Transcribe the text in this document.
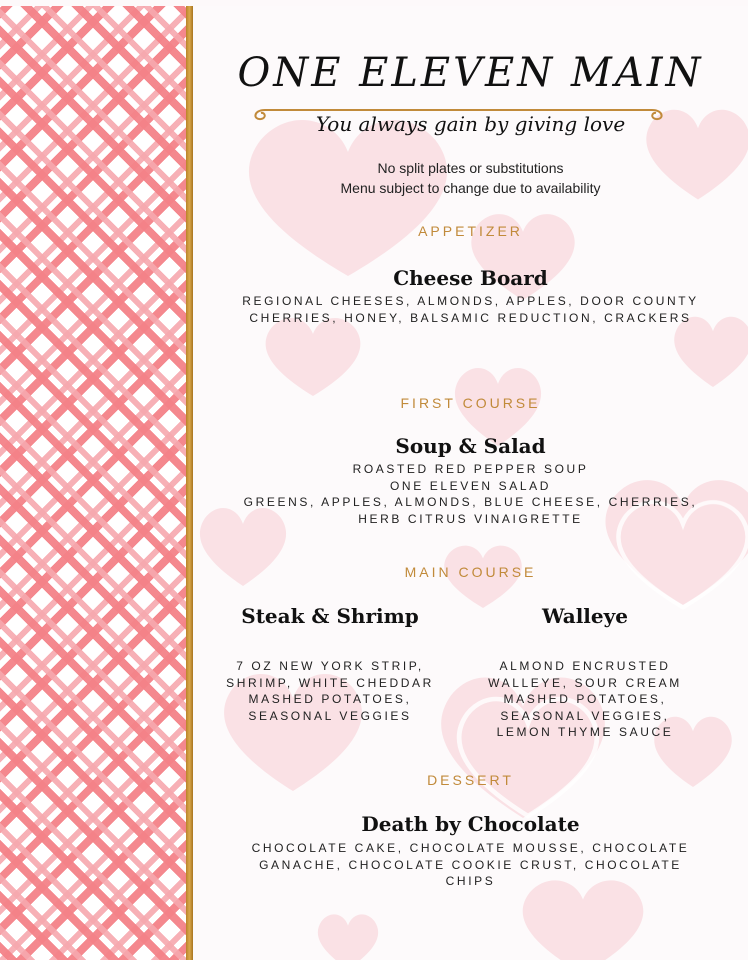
ONE ELEVEN MAIN
You always gain by giving love
No split plates or substitutions
Menu subject to change due to availability
APPETIZER
Cheese Board
REGIONAL CHEESES, ALMONDS, APPLES, DOOR COUNTY
CHERRIES, HONEY, BALSAMIC REDUCTION, CRACKERS
FIRST COURSE
Soup & Salad
ROASTED RED PEPPER SOUP
ONE ELEVEN SALAD
GREENS, APPLES, ALMONDS, BLUE CHEESE, CHERRIES,
HERB CITRUS VINAIGRETTE
MAIN COURSE
Steak & Shrimp
7 OZ NEW YORK STRIP,
SHRIMP, WHITE CHEDDAR
MASHED POTATOES,
SEASONAL VEGGIES
Walleye
ALMOND ENCRUSTED
WALLEYE, SOUR CREAM
MASHED POTATOES,
SEASONAL VEGGIES,
LEMON THYME SAUCE
DESSERT
Death by Chocolate
CHOCOLATE CAKE, CHOCOLATE MOUSSE, CHOCOLATE
GANACHE, CHOCOLATE COOKIE CRUST, CHOCOLATE
CHIPS
